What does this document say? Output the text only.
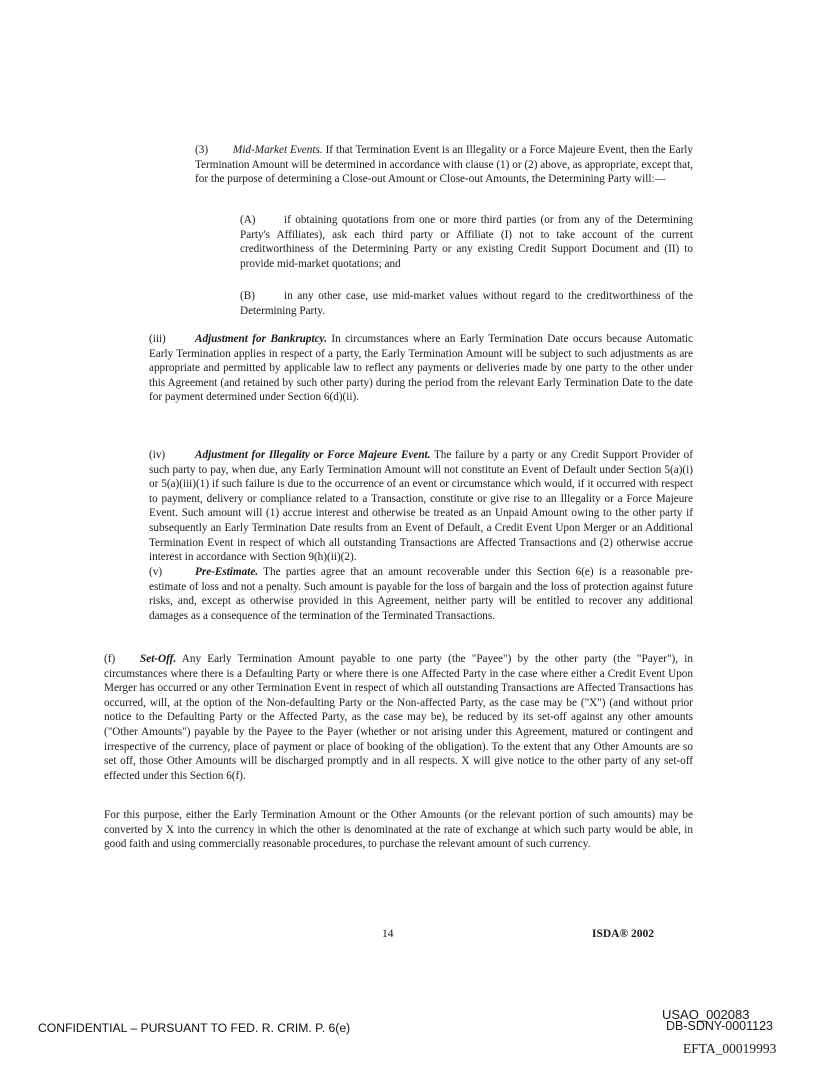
(3) Mid-Market Events. If that Termination Event is an Illegality or a Force Majeure Event, then the Early Termination Amount will be determined in accordance with clause (1) or (2) above, as appropriate, except that, for the purpose of determining a Close-out Amount or Close-out Amounts, the Determining Party will:—

(A)	if obtaining quotations from one or more third parties (or from any of the Determining Party's Affiliates), ask each third party or Affiliate (I) not to take account of the current creditworthiness of the Determining Party or any existing Credit Support Document and (II) to provide mid-market quotations; and

(B)	in any other case, use mid-market values without regard to the creditworthiness of the Determining Party.

(iii)	Adjustment for Bankruptcy. In circumstances where an Early Termination Date occurs because Automatic Early Termination applies in respect of a party, the Early Termination Amount will be subject to such adjustments as are appropriate and permitted by applicable law to reflect any payments or deliveries made by one party to the other under this Agreement (and retained by such other party) during the period from the relevant Early Termination Date to the date for payment determined under Section 6(d)(ii).

(iv)	Adjustment for Illegality or Force Majeure Event. The failure by a party or any Credit Support Provider of such party to pay, when due, any Early Termination Amount will not constitute an Event of Default under Section 5(a)(i) or 5(a)(iii)(1) if such failure is due to the occurrence of an event or circumstance which would, if it occurred with respect to payment, delivery or compliance related to a Transaction, constitute or give rise to an Illegality or a Force Majeure Event. Such amount will (1) accrue interest and otherwise be treated as an Unpaid Amount owing to the other party if subsequently an Early Termination Date results from an Event of Default, a Credit Event Upon Merger or an Additional Termination Event in respect of which all outstanding Transactions are Affected Transactions and (2) otherwise accrue interest in accordance with Section 9(h)(ii)(2).

(v)	Pre-Estimate. The parties agree that an amount recoverable under this Section 6(e) is a reasonable pre-estimate of loss and not a penalty. Such amount is payable for the loss of bargain and the loss of protection against future risks, and, except as otherwise provided in this Agreement, neither party will be entitled to recover any additional damages as a consequence of the termination of the Terminated Transactions.

(f) Set-Off. Any Early Termination Amount payable to one party (the "Payee") by the other party (the "Payer"), in circumstances where there is a Defaulting Party or where there is one Affected Party in the case where either a Credit Event Upon Merger has occurred or any other Termination Event in respect of which all outstanding Transactions are Affected Transactions has occurred, will, at the option of the Non-defaulting Party or the Non-affected Party, as the case may be ("X") (and without prior notice to the Defaulting Party or the Affected Party, as the case may be), be reduced by its set-off against any other amounts ("Other Amounts") payable by the Payee to the Payer (whether or not arising under this Agreement, matured or contingent and irrespective of the currency, place of payment or place of booking of the obligation). To the extent that any Other Amounts are so set off, those Other Amounts will be discharged promptly and in all respects. X will give notice to the other party of any set-off effected under this Section 6(f).

For this purpose, either the Early Termination Amount or the Other Amounts (or the relevant portion of such amounts) may be converted by X into the currency in which the other is denominated at the rate of exchange at which such party would be able, in good faith and using commercially reasonable procedures, to purchase the relevant amount of such currency.

14	ISDA® 2002
CONFIDENTIAL – PURSUANT TO FED. R. CRIM. P. 6(e)
USAO_002083
DB-SDNY-0001123
EFTA_00019993
